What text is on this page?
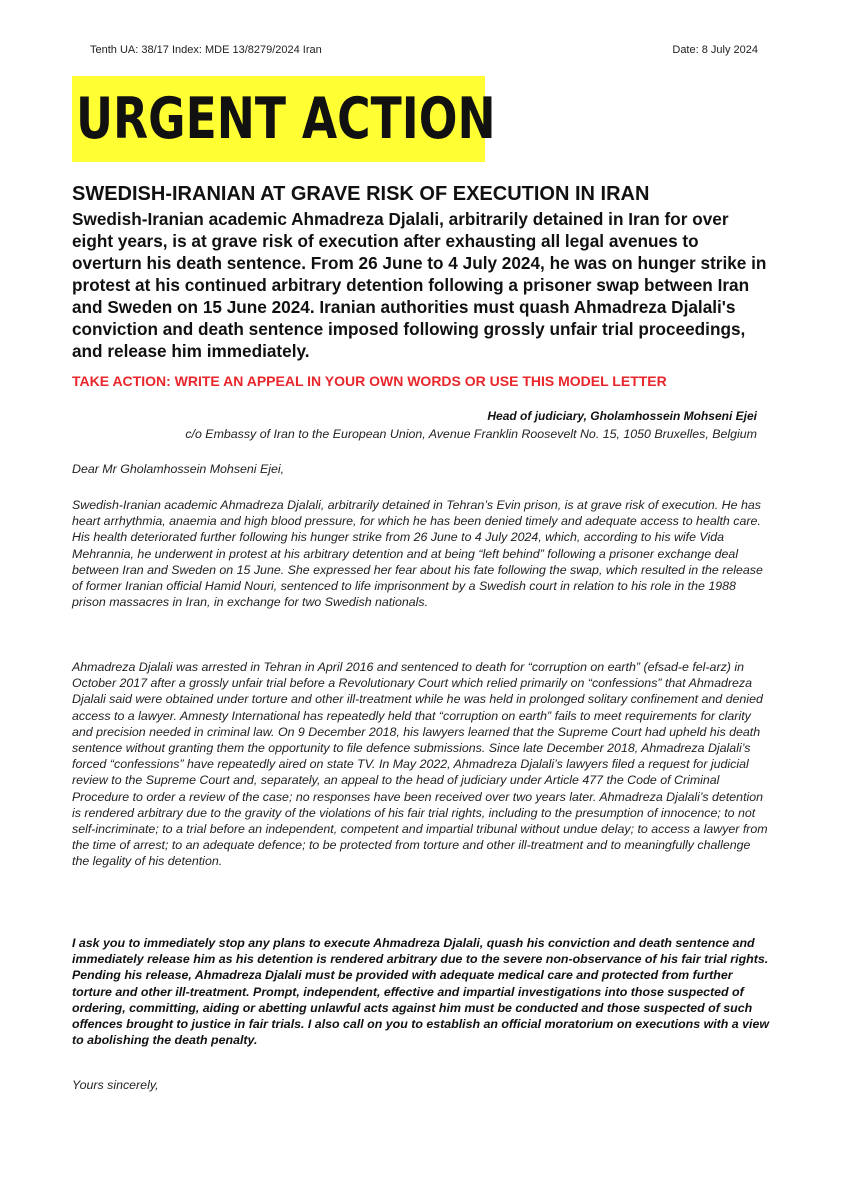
Tenth UA: 38/17 Index: MDE 13/8279/2024 Iran	Date: 8 July 2024
URGENT ACTION
SWEDISH-IRANIAN AT GRAVE RISK OF EXECUTION IN IRAN
Swedish-Iranian academic Ahmadreza Djalali, arbitrarily detained in Iran for over eight years, is at grave risk of execution after exhausting all legal avenues to overturn his death sentence. From 26 June to 4 July 2024, he was on hunger strike in protest at his continued arbitrary detention following a prisoner swap between Iran and Sweden on 15 June 2024. Iranian authorities must quash Ahmadreza Djalali's conviction and death sentence imposed following grossly unfair trial proceedings, and release him immediately.
TAKE ACTION: WRITE AN APPEAL IN YOUR OWN WORDS OR USE THIS MODEL LETTER
Head of judiciary, Gholamhossein Mohseni Ejei
c/o Embassy of Iran to the European Union, Avenue Franklin Roosevelt No. 15, 1050 Bruxelles, Belgium
Dear Mr Gholamhossein Mohseni Ejei,
Swedish-Iranian academic Ahmadreza Djalali, arbitrarily detained in Tehran’s Evin prison, is at grave risk of execution. He has heart arrhythmia, anaemia and high blood pressure, for which he has been denied timely and adequate access to health care. His health deteriorated further following his hunger strike from 26 June to 4 July 2024, which, according to his wife Vida Mehrannia, he underwent in protest at his arbitrary detention and at being “left behind” following a prisoner exchange deal between Iran and Sweden on 15 June. She expressed her fear about his fate following the swap, which resulted in the release of former Iranian official Hamid Nouri, sentenced to life imprisonment by a Swedish court in relation to his role in the 1988 prison massacres in Iran, in exchange for two Swedish nationals.
Ahmadreza Djalali was arrested in Tehran in April 2016 and sentenced to death for “corruption on earth” (efsad-e fel-arz) in October 2017 after a grossly unfair trial before a Revolutionary Court which relied primarily on “confessions” that Ahmadreza Djalali said were obtained under torture and other ill-treatment while he was held in prolonged solitary confinement and denied access to a lawyer. Amnesty International has repeatedly held that “corruption on earth” fails to meet requirements for clarity and precision needed in criminal law. On 9 December 2018, his lawyers learned that the Supreme Court had upheld his death sentence without granting them the opportunity to file defence submissions. Since late December 2018, Ahmadreza Djalali’s forced “confessions” have repeatedly aired on state TV. In May 2022, Ahmadreza Djalali’s lawyers filed a request for judicial review to the Supreme Court and, separately, an appeal to the head of judiciary under Article 477 the Code of Criminal Procedure to order a review of the case; no responses have been received over two years later. Ahmadreza Djalali’s detention is rendered arbitrary due to the gravity of the violations of his fair trial rights, including to the presumption of innocence; to not self-incriminate; to a trial before an independent, competent and impartial tribunal without undue delay; to access a lawyer from the time of arrest; to an adequate defence; to be protected from torture and other ill-treatment and to meaningfully challenge the legality of his detention.
I ask you to immediately stop any plans to execute Ahmadreza Djalali, quash his conviction and death sentence and immediately release him as his detention is rendered arbitrary due to the severe non-observance of his fair trial rights. Pending his release, Ahmadreza Djalali must be provided with adequate medical care and protected from further torture and other ill-treatment. Prompt, independent, effective and impartial investigations into those suspected of ordering, committing, aiding or abetting unlawful acts against him must be conducted and those suspected of such offences brought to justice in fair trials. I also call on you to establish an official moratorium on executions with a view to abolishing the death penalty.
Yours sincerely,
